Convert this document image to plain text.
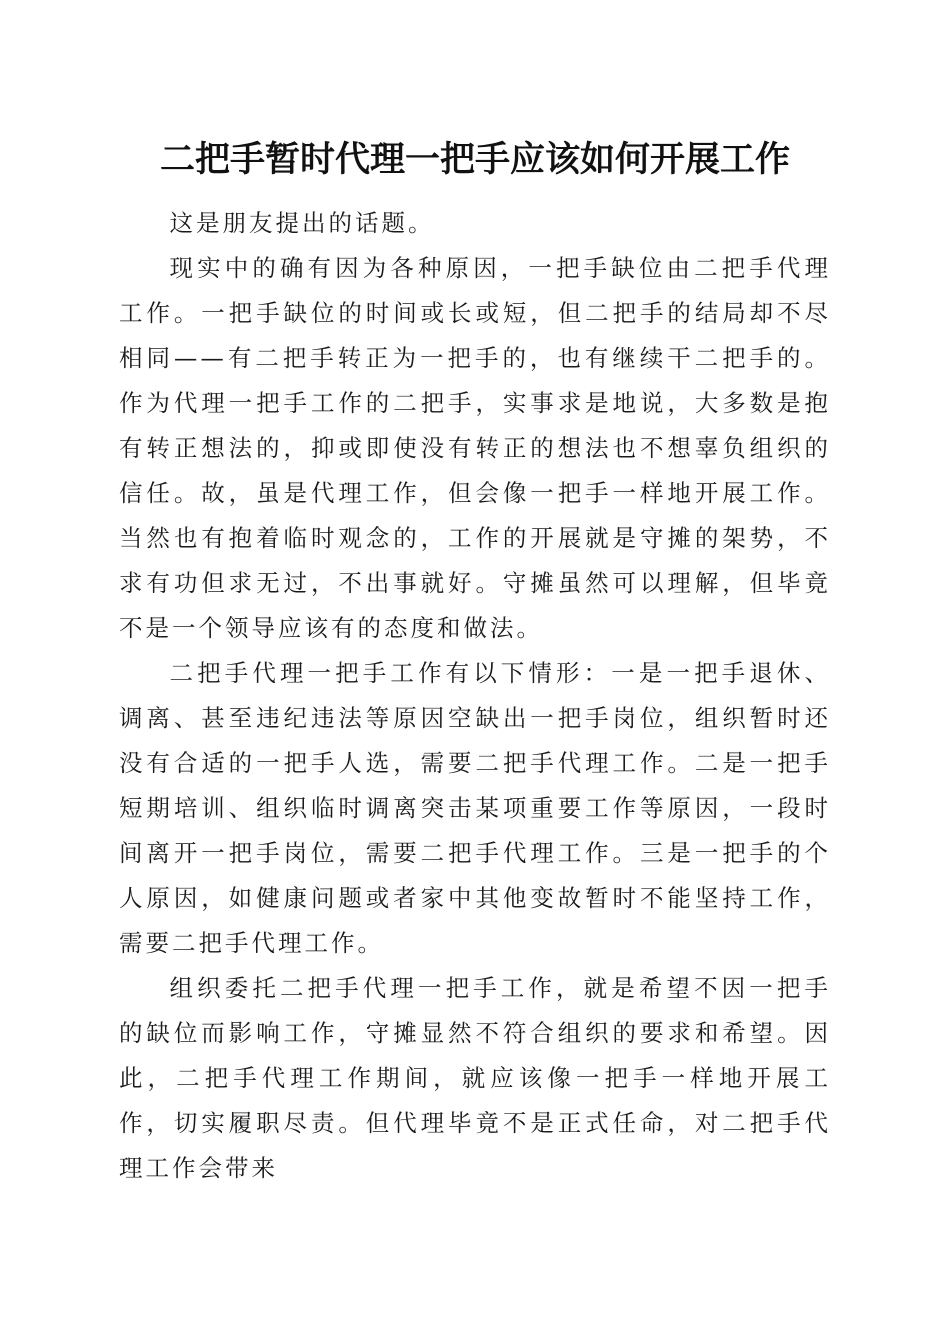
二把手暂时代理一把手应该如何开展工作

这是朋友提出的话题。

现实中的确有因为各种原因，一把手缺位由二把手代理工作。一把手缺位的时间或长或短，但二把手的结局却不尽相同——有二把手转正为一把手的，也有继续干二把手的。作为代理一把手工作的二把手，实事求是地说，大多数是抱有转正想法的，抑或即使没有转正的想法也不想辜负组织的信任。故，虽是代理工作，但会像一把手一样地开展工作。当然也有抱着临时观念的，工作的开展就是守摊的架势，不求有功但求无过，不出事就好。守摊虽然可以理解，但毕竟不是一个领导应该有的态度和做法。

二把手代理一把手工作有以下情形：一是一把手退休、调离、甚至违纪违法等原因空缺出一把手岗位，组织暂时还没有合适的一把手人选，需要二把手代理工作。二是一把手短期培训、组织临时调离突击某项重要工作等原因，一段时间离开一把手岗位，需要二把手代理工作。三是一把手的个人原因，如健康问题或者家中其他变故暂时不能坚持工作，需要二把手代理工作。

组织委托二把手代理一把手工作，就是希望不因一把手的缺位而影响工作，守摊显然不符合组织的要求和希望。因此，二把手代理工作期间，就应该像一把手一样地开展工作，切实履职尽责。但代理毕竟不是正式任命，对二把手代理工作会带来
